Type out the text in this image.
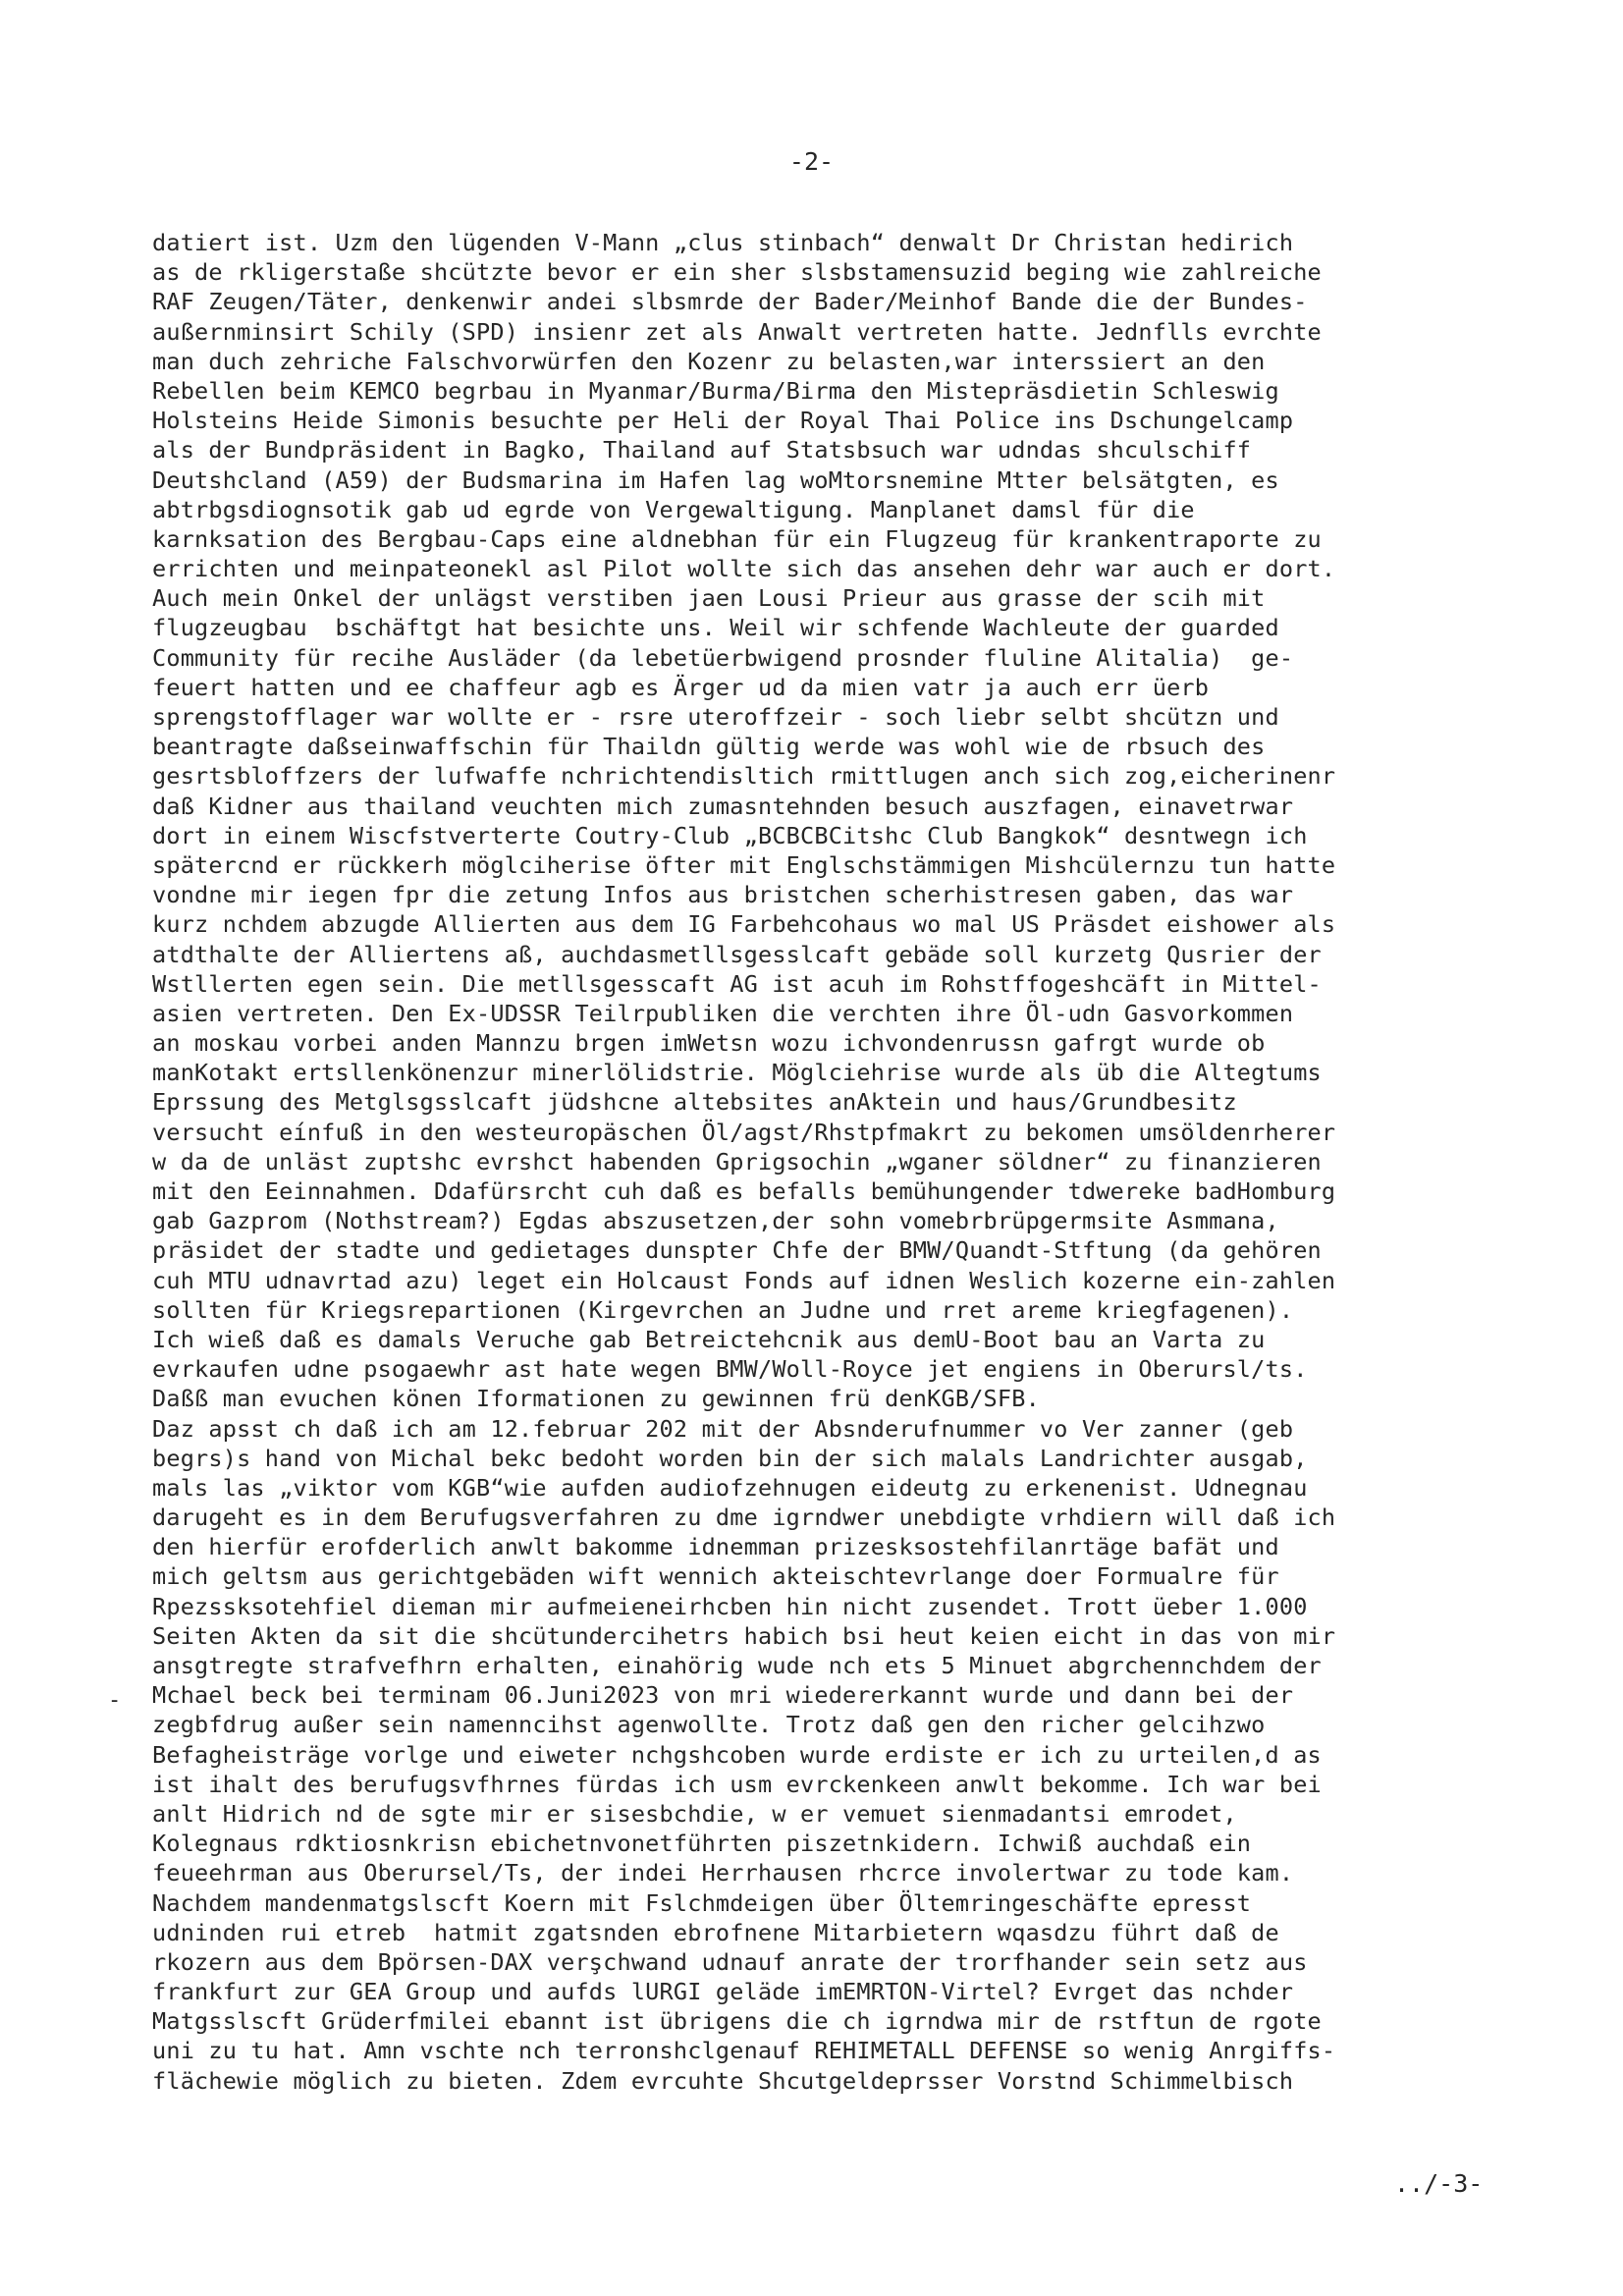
-2-
-
datiert ist. Uzm den lügenden V-Mann „clus stinbach“ denwalt Dr Christan hedirich
as de rkligerstaße shcützte bevor er ein sher slsbstamensuzid beging wie zahlreiche
RAF Zeugen/Täter, denkenwir andei slbsmrde der Bader/Meinhof Bande die der Bundes-
außernminsirt Schily (SPD) insienr zet als Anwalt vertreten hatte. Jednflls evrchte
man duch zehriche Falschvorwürfen den Kozenr zu belasten,war interssiert an den
Rebellen beim KEMCO begrbau in Myanmar/Burma/Birma den Mistepräsdietin Schleswig
Holsteins Heide Simonis besuchte per Heli der Royal Thai Police ins Dschungelcamp
als der Bundpräsident in Bagko, Thailand auf Statsbsuch war udndas shculschiff
Deutshcland (A59) der Budsmarina im Hafen lag woMtorsnemine Mtter belsätgten, es
abtrbgsdiognsotik gab ud egrde von Vergewaltigung. Manplanet damsl für die
karnksation des Bergbau-Caps eine aldnebhan für ein Flugzeug für krankentraporte zu
errichten und meinpateonekl asl Pilot wollte sich das ansehen dehr war auch er dort.
Auch mein Onkel der unlägst verstiben jaen Lousi Prieur aus grasse der scih mit
flugzeugbau  bschäftgt hat besichte uns. Weil wir schfende Wachleute der guarded
Community für recihe Ausläder (da lebetüerbwigend prosnder fluline Alitalia)  ge-
feuert hatten und ee chaffeur agb es Ärger ud da mien vatr ja auch err üerb
sprengstofflager war wollte er - rsre uteroffzeir - soch liebr selbt shcützn und
beantragte daßseinwaffschin für Thaildn gültig werde was wohl wie de rbsuch des
gesrtsbloffzers der lufwaffe nchrichtendisltich rmittlugen anch sich zog,eicherinenr
daß Kidner aus thailand veuchten mich zumasntehnden besuch auszfagen, einavetrwar
dort in einem Wiscfstverterte Coutry-Club „BCBCBCitshc Club Bangkok“ desntwegn ich
spätercnd er rückkerh möglciherise öfter mit Englschstämmigen Mishcülernzu tun hatte
vondne mir iegen fpr die zetung Infos aus bristchen scherhistresen gaben, das war
kurz nchdem abzugde Allierten aus dem IG Farbehcohaus wo mal US Präsdet eishower als
atdthalte der Alliertens aß, auchdasmetllsgesslcaft gebäde soll kurzetg Qusrier der
Wstllerten egen sein. Die metllsgesscaft AG ist acuh im Rohstffogeshcäft in Mittel-
asien vertreten. Den Ex-UDSSR Teilrpubliken die verchten ihre Öl-udn Gasvorkommen
an moskau vorbei anden Mannzu brgen imWetsn wozu ichvondenrussn gafrgt wurde ob
manKotakt ertsllenkönenzur minerlölidstrie. Möglciehrise wurde als üb die Altegtums
Eprssung des Metglsgsslcaft jüdshcne altebsites anAktein und haus/Grundbesitz
versucht eínfuß in den westeuropäschen Öl/agst/Rhstpfmakrt zu bekomen umsöldenrherer
w da de unläst zuptshc evrshct habenden Gprigsochin „wganer söldner“ zu finanzieren
mit den Eeinnahmen. Ddafürsrcht cuh daß es befalls bemühungender tdwereke badHomburg
gab Gazprom (Nothstream?) Egdas abszusetzen,der sohn vomebrbrüpgermsite Asmmana,
präsidet der stadte und gedietages dunspter Chfe der BMW/Quandt-Stftung (da gehören
cuh MTU udnavrtad azu) leget ein Holcaust Fonds auf idnen Weslich kozerne ein-zahlen
sollten für Kriegsrepartionen (Kirgevrchen an Judne und rret areme kriegfagenen).
Ich wieß daß es damals Veruche gab Betreictehcnik aus demU-Boot bau an Varta zu
evrkaufen udne psogaewhr ast hate wegen BMW/Woll-Royce jet engiens in Oberursl/ts.
Daßß man evuchen könen Iformationen zu gewinnen frü denKGB/SFB.
Daz apsst ch daß ich am 12.februar 202 mit der Absnderufnummer vo Ver zanner (geb
begrs)s hand von Michal bekc bedoht worden bin der sich malals Landrichter ausgab,
mals las „viktor vom KGB“wie aufden audiofzehnugen eideutg zu erkenenist. Udnegnau
darugeht es in dem Berufugsverfahren zu dme igrndwer unebdigte vrhdiern will daß ich
den hierfür erofderlich anwlt bakomme idnemman prizesksostehfilanrtäge bafät und
mich geltsm aus gerichtgebäden wift wennich akteischtevrlange doer Formualre für
Rpezssksotehfiel dieman mir aufmeieneirhcben hin nicht zusendet. Trott üeber 1.000
Seiten Akten da sit die shcütundercihetrs habich bsi heut keien eicht in das von mir
ansgtregte strafvefhrn erhalten, einahörig wude nch ets 5 Minuet abgrchennchdem der
Mchael beck bei terminam 06.Juni2023 von mri wiedererkannt wurde und dann bei der
zegbfdrug außer sein namenncihst agenwollte. Trotz daß gen den richer gelcihzwo
Befagheisträge vorlge und eiweter nchgshcoben wurde erdiste er ich zu urteilen,d as
ist ihalt des berufugsvfhrnes fürdas ich usm evrckenkeen anwlt bekomme. Ich war bei
anlt Hidrich nd de sgte mir er sisesbchdie, w er vemuet sienmadantsi emrodet,
Kolegnaus rdktiosnkrisn ebichetnvonetführten piszetnkidern. Ichwiß auchdaß ein
feueehrman aus Oberursel/Ts, der indei Herrhausen rhcrce involertwar zu tode kam.
Nachdem mandenmatgslscft Koern mit Fslchmdeigen über Öltemringeschäfte epresst
udninden rui etreb  hatmit zgatsnden ebrofnene Mitarbietern wqasdzu führt daß de
rkozern aus dem Bpörsen-DAX verşchwand udnauf anrate der trorfhander sein setz aus
frankfurt zur GEA Group und aufds lURGI geläde imEMRTON-Virtel? Evrget das nchder
Matgsslscft Grüderfmilei ebannt ist übrigens die ch igrndwa mir de rstftun de rgote
uni zu tu hat. Amn vschte nch terronshclgenauf REHIMETALL DEFENSE so wenig Anrgiffs-
flächewie möglich zu bieten. Zdem evrcuhte Shcutgeldeprsser Vorstnd Schimmelbisch
../-3-
